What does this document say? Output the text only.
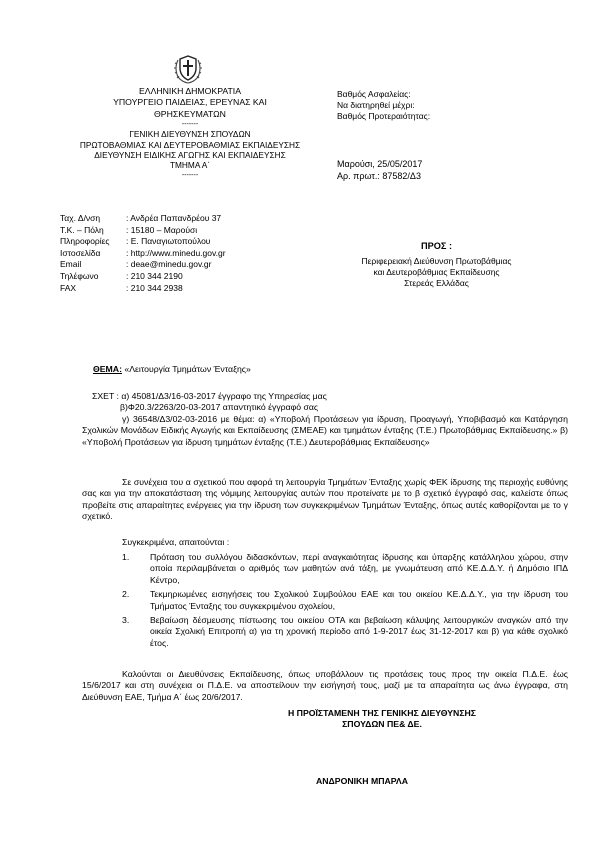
ΕΛΛΗΝΙΚΗ ΔΗΜΟΚΡΑΤΙΑ
ΥΠΟΥΡΓΕΙΟ ΠΑΙΔΕΙΑΣ, ΕΡΕΥΝΑΣ ΚΑΙ
ΘΡΗΣΚΕΥΜΑΤΩΝ
-------
ΓΕΝΙΚΗ ΔΙΕΥΘΥΝΣΗ ΣΠΟΥΔΩΝ
ΠΡΩΤΟΒΑΘΜΙΑΣ ΚΑΙ ΔΕΥΤΕΡΟΒΑΘΜΙΑΣ ΕΚΠΑΙΔΕΥΣΗΣ
ΔΙΕΥΘΥΝΣΗ ΕΙΔΙΚΗΣ ΑΓΩΓΗΣ ΚΑΙ ΕΚΠΑΙΔΕΥΣΗΣ
ΤΜΗΜΑ Α΄
-------
Βαθμός Ασφαλείας:
Να διατηρηθεί μέχρι:
Βαθμός Προτεραιότητας:
Μαρούσι, 25/05/2017
Αρ. πρωτ.: 87582/Δ3
Ταχ. Δ/νση	: Ανδρέα Παπανδρέου 37
Τ.Κ. – Πόλη	: 15180 – Μαρούσι
Πληροφορίες	: Ε. Παναγιωτοπούλου
Ιστοσελίδα	: http://www.minedu.gov.gr
Email	: deae@minedu.gov.gr
Τηλέφωνο	: 210 344 2190
FAX	: 210 344 2938
ΠΡΟΣ :
Περιφερειακή Διεύθυνση Πρωτοβάθμιας
και Δευτεροβάθμιας Εκπαίδευσης
Στερεάς Ελλάδας
ΘΕΜΑ: «Λειτουργία Τμημάτων Ένταξης»
ΣΧΕΤ : α) 45081/Δ3/16-03-2017 έγγραφο της Υπηρεσίας μας
β)Φ20.3/2263/20-03-2017 απαντητικό έγγραφό σας
γ) 36548/Δ3/02-03-2016 με θέμα: α) «Υποβολή Προτάσεων για ίδρυση, Προαγωγή, Υποβιβασμό και Κατάργηση Σχολικών Μονάδων Ειδικής Αγωγής και Εκπαίδευσης (ΣΜΕΑΕ) και τμημάτων ένταξης (Τ.Ε.) Πρωτοβάθμιας Εκπαίδευσης.» β) «Υποβολή Προτάσεων για ίδρυση τμημάτων ένταξης (Τ.Ε.) Δευτεροβάθμιας Εκπαίδευσης»
Σε συνέχεια του α σχετικού που αφορά τη λειτουργία Τμημάτων Ένταξης χωρίς ΦΕΚ ίδρυσης της περιοχής ευθύνης σας και για την αποκατάσταση της νόμιμης λειτουργίας αυτών που προτείνατε με το β σχετικό έγγραφό σας, καλείστε όπως προβείτε στις απαραίτητες ενέργειες για την ίδρυση των συγκεκριμένων Τμημάτων Ένταξης, όπως αυτές καθορίζονται με το γ σχετικό.
Συγκεκριμένα, απαιτούνται :
1.	Πρόταση του συλλόγου διδασκόντων, περί αναγκαιότητας ίδρυσης και ύπαρξης κατάλληλου χώρου, στην οποία περιλαμβάνεται ο αριθμός των μαθητών ανά τάξη, με γνωμάτευση από ΚΕ.Δ.Δ.Υ. ή Δημόσιο ΙΠΔ Κέντρο,
2.	Τεκμηριωμένες εισηγήσεις του Σχολικού Συμβούλου ΕΑΕ και του οικείου ΚΕ.Δ.Δ.Υ., για την ίδρυση του Τμήματος Ένταξης του συγκεκριμένου σχολείου,
3.	Βεβαίωση δέσμευσης πίστωσης του οικείου ΟΤΑ και βεβαίωση κάλυψης λειτουργικών αναγκών από την οικεία Σχολική Επιτροπή α) για τη χρονική περίοδο από 1-9-2017 έως 31-12-2017 και β) για κάθε σχολικό έτος.
Καλούνται οι Διευθύνσεις Εκπαίδευσης, όπως υποβάλλουν τις προτάσεις τους προς την οικεία Π.Δ.Ε. έως 15/6/2017 και στη συνέχεια οι Π.Δ.Ε. να αποστείλουν την εισήγησή τους, μαζί με τα απαραίτητα ως άνω έγγραφα, στη Διεύθυνση ΕΑΕ, Τμήμα Α΄ έως 20/6/2017.
Η ΠΡΟΪΣΤΑΜΕΝΗ ΤΗΣ ΓΕΝΙΚΗΣ ΔΙΕΥΘΥΝΣΗΣ
ΣΠΟΥΔΩΝ ΠΕ& ΔΕ.
ΑΝΔΡΟΝΙΚΗ ΜΠΑΡΛΑ
